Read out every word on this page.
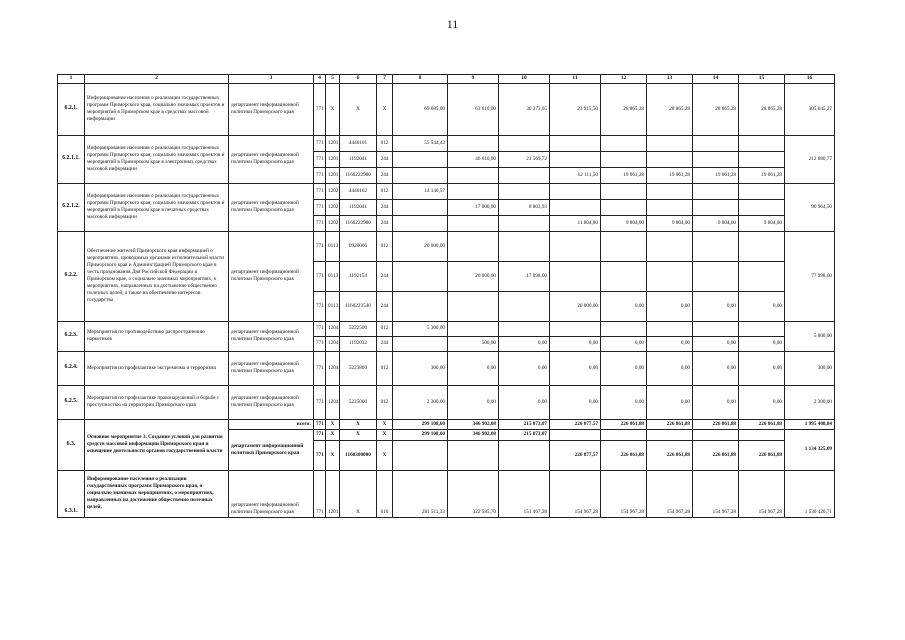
11
1	2	3	4	5	6	7	8	9	10	11	12	13	14	15	16
6.2.1.	Информирование населения о реализации государственных программ Приморского края, социально значимых проектов и мероприятий в Приморском крае в средствах массовой информации	департамент информационной политики Приморского края	771	X	X	X	69 685,00	63 610,00	30 373,65	23 915,50	28 865,28	28 865,28	28 865,28	28 865,28	305 045,27
6.2.1.1.	Информирование населения о реализации государственных программ Приморского края, социально значимых проектов и мероприятий в Приморском крае в электронных средствах массовой информации	департамент информационной политики Приморского края	771	1201	4440101	012	55 544,43								212 080,77
			771	1201	1192041	244		46 610,00	21 569,72						
			771	1201	1160222980	244				12 111,50	19 061,28	19 061,28	19 061,28	19 061,28	
6.2.1.2.	Информирование населения о реализации государственных программ Приморского края, социально значимых проектов и мероприятий в Приморском крае в печатных средствах массовой информации	департамент информационной политики Приморского края	771	1202	4440102	012	14 140,57								90 964,50
			771	1202	1192041	244		17 000,00	8 803,93						
			771	1202	1160222980	244				11 804,00	9 804,00	9 804,00	9 804,00	9 804,00	
6.2.2.	Обеспечение жителей Приморского края информацией о мероприятиях, проводимых органами исполнительной власти Приморского края и Администрацией Приморского края в честь празднования Дня Российской Федерации в Приморском крае, о социально значимых мероприятиях, о мероприятиях, направленных на достижение общественно полезных целей, а также на обеспечение интересов государства	департамент информационной политики Приморского края	771	0113	0920006	012	20 000,00								77 998,00
			771	0113	1192154	244		20 000,00	17 998,00						
			771	0113	1160223540	244				20 000,00	0,00	0,00	0,00	0,00	
6.2.3.	Мероприятия по противодействию распространению наркотиков	департамент информационной политики Приморского края	771	1204	5222500	012	5 300,00								5 800,00
			771	1204	1192032	244		500,00	0,00	0,00	0,00	0,00	0,00	0,00	
6.2.4.	Мероприятия по профилактике экстремизма и терроризма	департамент информационной политики Приморского края	771	1204	5223800	012	300,00	0,00	0,00	0,00	0,00	0,00	0,00	0,00	300,00
6.2.5.	Мероприятия по профилактике правонарушений и борьбе с преступностью на территории Приморского края	департамент информационной политики Приморского края	771	1204	5225000	012	2 300,00	0,00	0,00	0,00	0,00	0,00	0,00	0,00	2 300,00
6.3.	Основное мероприятие 3. Создание условий для развития средств массовой информации Приморского края и освещение деятельности органов государственной власти	всего:	771	X	X	X	299 108,60	346 902,08	215 073,07	226 877,57	226 861,88	226 861,88	226 861,88	226 861,88	1 995 408,84
		департамент информационной политики Приморского края	771	X	X	X	299 108,60	346 902,08	215 073,07						1 134 325,09
			771	X	1160300000	X				226 877,57	226 861,88	226 861,88	226 861,88	226 861,88	
6.3.1.	Информирование населения о реализации государственных программ Приморского края, о социально значимых мероприятиях, о мероприятиях, направленных на достижение общественно полезных целей,	департамент информационной политики Приморского края	771	1201	X	610	281 511,33	322 585,70	151 467,28	154 967,28	154 967,28	154 967,28	154 967,28	154 967,28	1 530 420,71
